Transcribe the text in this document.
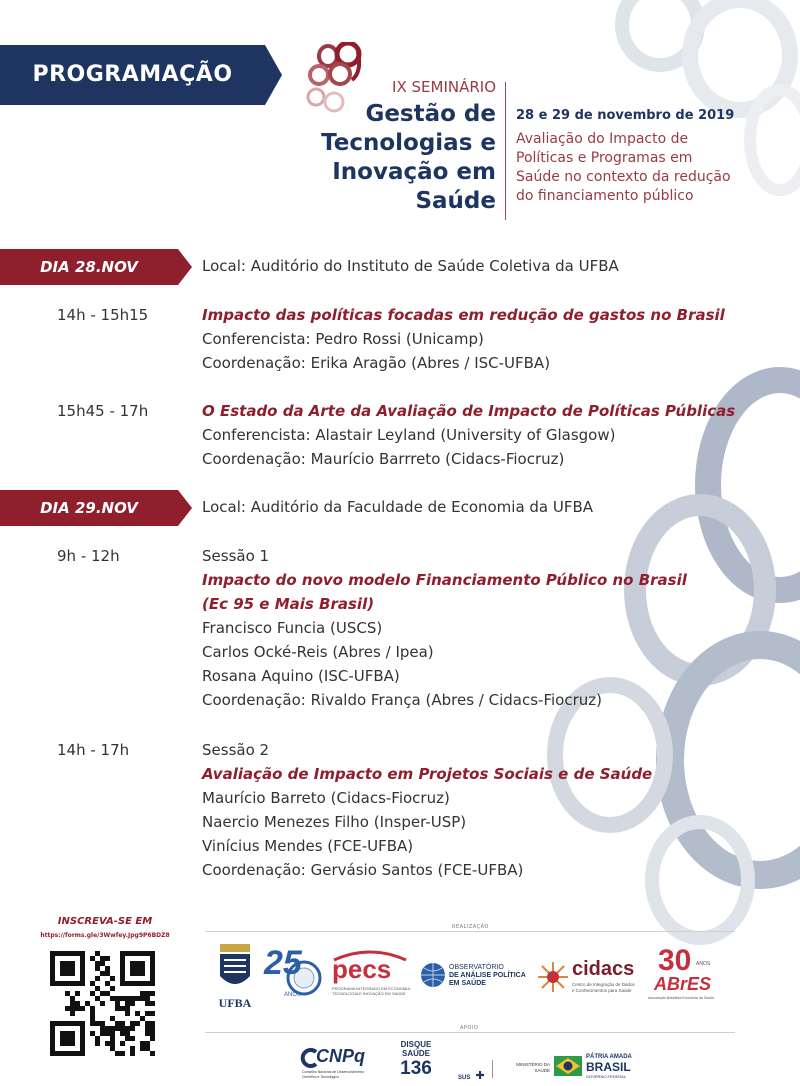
PROGRAMAÇÃO	IX SEMINÁRIO
Gestão de
Tecnologias e
Inovação em
Saúde
28 e 29 de novembro de 2019
Avaliação do Impacto de
Políticas e Programas em
Saúde no contexto da redução
do financiamento público
DIA 28.NOV	Local: Auditório do Instituto de Saúde Coletiva da UFBA
14h - 15h15	Impacto das políticas focadas em redução de gastos no Brasil
Conferencista: Pedro Rossi (Unicamp)
Coordenação: Erika Aragão (Abres / ISC-UFBA)
15h45 - 17h	O Estado da Arte da Avaliação de Impacto de Políticas Públicas
Conferencista: Alastair Leyland (University of Glasgow)
Coordenação: Maurício Barrreto (Cidacs-Fiocruz)
DIA 29.NOV	Local: Auditório da Faculdade de Economia da UFBA
9h - 12h	Sessão 1
Impacto do novo modelo Financiamento Público no Brasil
(Ec 95 e Mais Brasil)
Francisco Funcia (USCS)
Carlos Ocké-Reis (Abres / Ipea)
Rosana Aquino (ISC-UFBA)
Coordenação: Rivaldo França (Abres / Cidacs-Fiocruz)
14h - 17h	Sessão 2
Avaliação de Impacto em Projetos Sociais e de Saúde
Maurício Barreto (Cidacs-Fiocruz)
Naercio Menezes Filho (Insper-USP)
Vinícius Mendes (FCE-UFBA)
Coordenação: Gervásio Santos (FCE-UFBA)
INSCREVA-SE EM
https://forms.gle/3Wwfey.Jpg9P6BDZ8
REALIZAÇÃO
APOIO
UFBA
25
ANOS
pecs
PROGRAMA INTEGRADO EM ECONOMIA,
TECNOLOGIA E INOVAÇÃO EM SAÚDE
OBSERVATÓRIO
DE ANÁLISE POLÍTICA
EM SAÚDE
cidacs
Centro de Integração de Dados
e Conhecimentos para Saúde
30 ANOS
ABrES
Associação Brasileira Economia da Saúde
CNPq
Conselho Nacional de Desenvolvimento
Científico e Tecnológico
DISQUE
SAÚDE
136	SUS ✚
MINISTÉRIO DA
SAÚDE
PÁTRIA AMADA
BRASIL
GOVERNO FEDERAL
